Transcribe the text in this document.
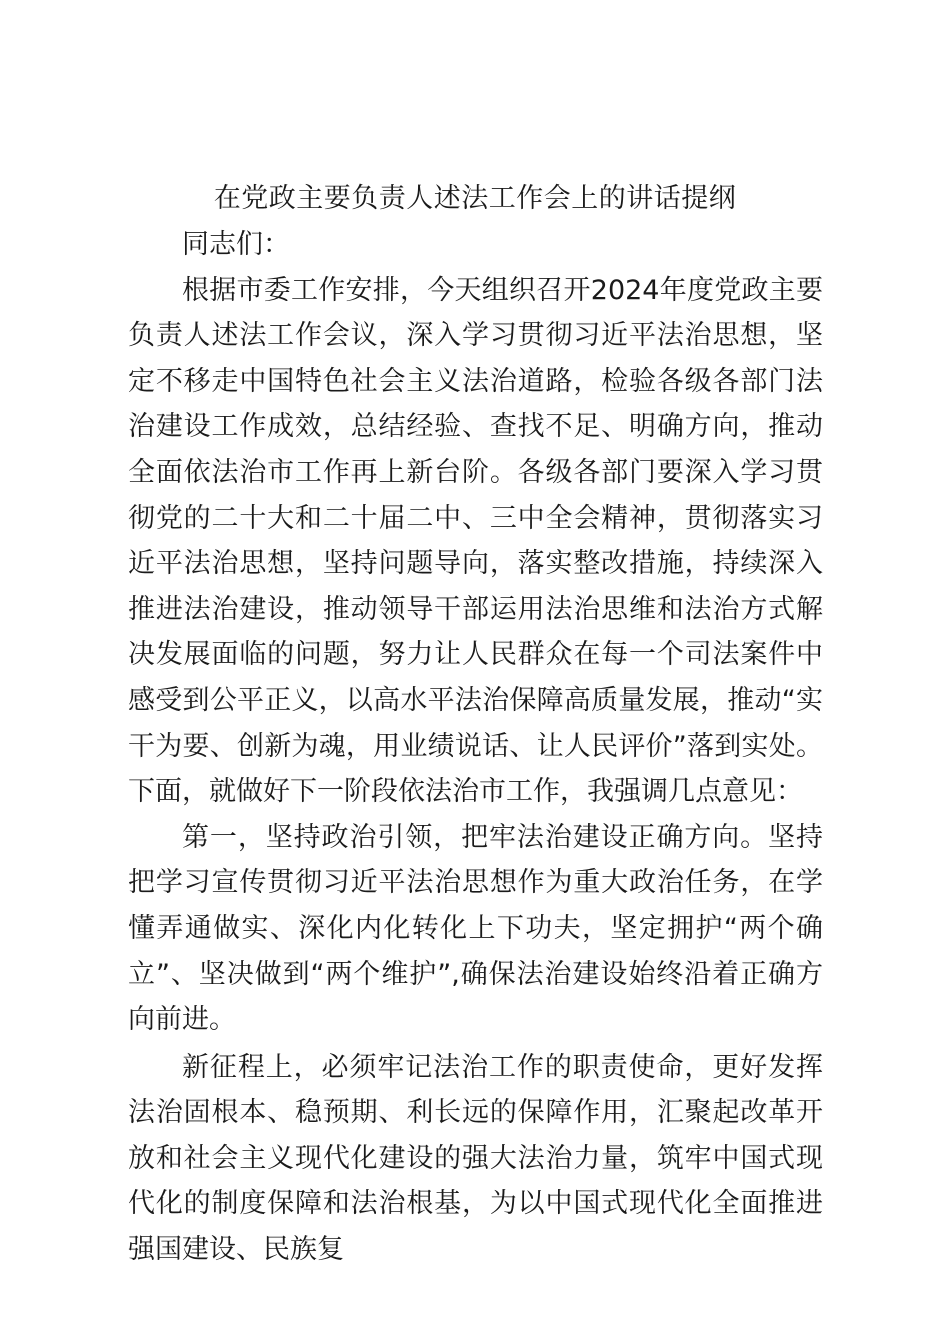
在党政主要负责人述法工作会上的讲话提纲

同志们：

根据市委工作安排，今天组织召开2024年度党政主要负责人述法工作会议，深入学习贯彻习近平法治思想，坚定不移走中国特色社会主义法治道路，检验各级各部门法治建设工作成效，总结经验、查找不足、明确方向，推动全面依法治市工作再上新台阶。各级各部门要深入学习贯彻党的二十大和二十届二中、三中全会精神，贯彻落实习近平法治思想，坚持问题导向，落实整改措施，持续深入推进法治建设，推动领导干部运用法治思维和法治方式解决发展面临的问题，努力让人民群众在每一个司法案件中感受到公平正义，以高水平法治保障高质量发展，推动“实干为要、创新为魂，用业绩说话、让人民评价”落到实处。下面，就做好下一阶段依法治市工作，我强调几点意见：

第一，坚持政治引领，把牢法治建设正确方向。坚持把学习宣传贯彻习近平法治思想作为重大政治任务，在学懂弄通做实、深化内化转化上下功夫，坚定拥护“两个确立”、坚决做到“两个维护”,确保法治建设始终沿着正确方向前进。

新征程上，必须牢记法治工作的职责使命，更好发挥法治固根本、稳预期、利长远的保障作用，汇聚起改革开放和社会主义现代化建设的强大法治力量，筑牢中国式现代化的制度保障和法治根基，为以中国式现代化全面推进强国建设、民族复
